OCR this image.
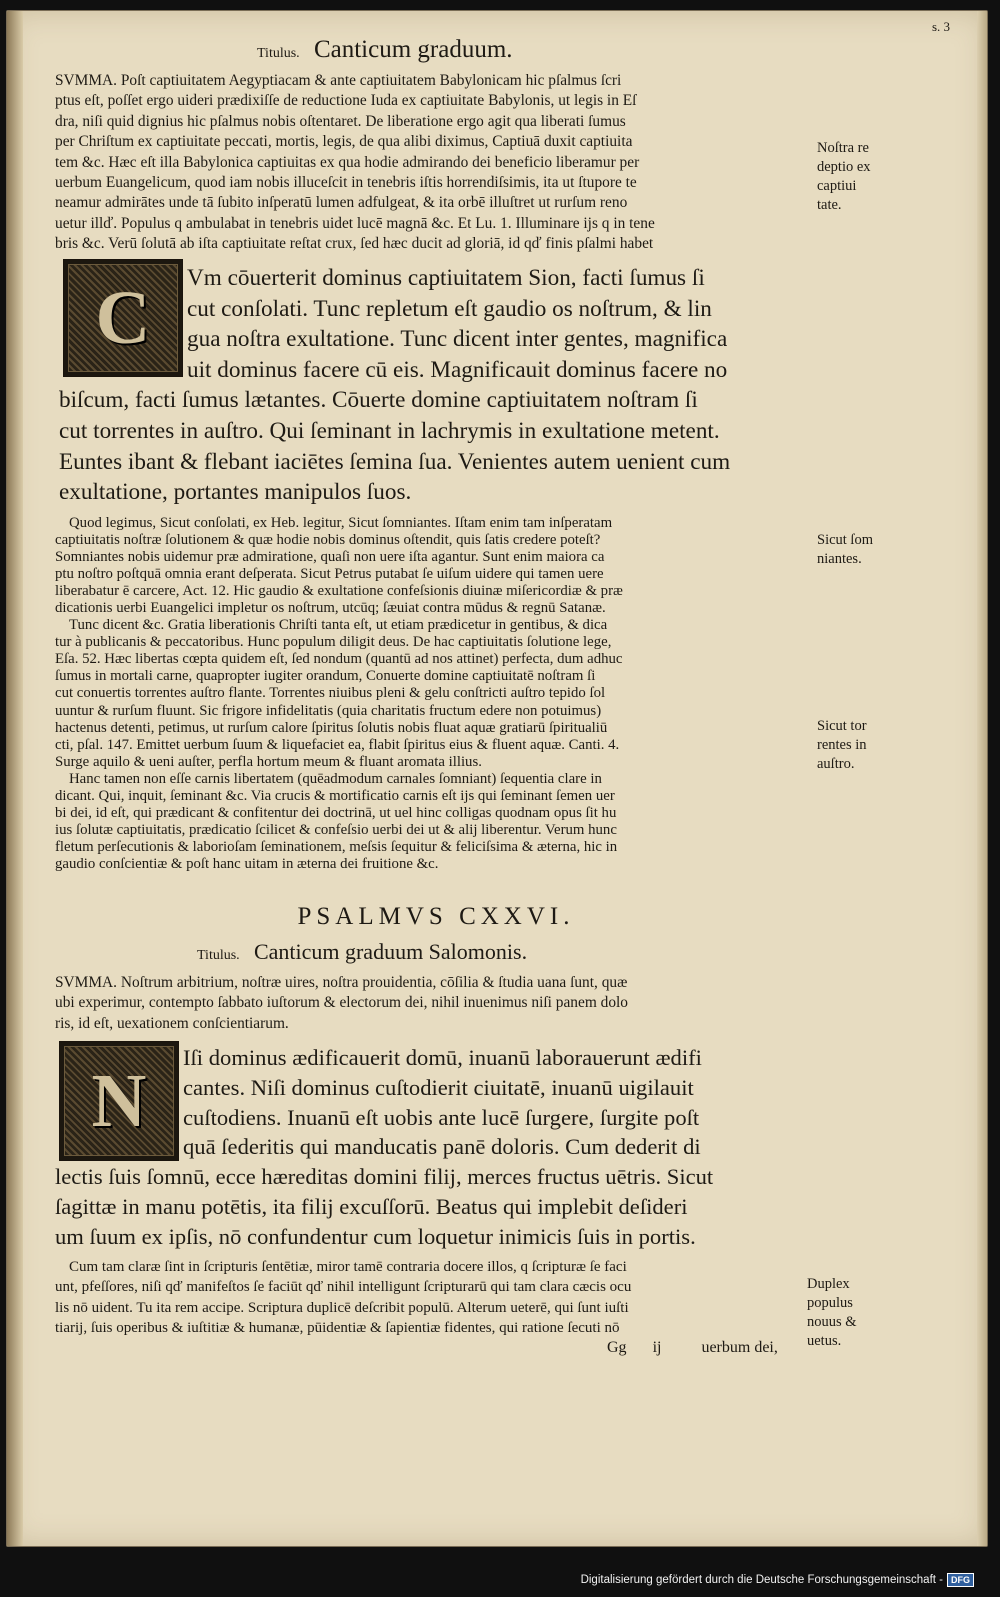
Titulus. Canticum graduum.
s. 3
SVMMA. Poſt captiuitatem Aegyptiacam & ante captiuitatem Babylonicam hic pſalmus ſcri
ptus eſt, poſſet ergo uideri prædixiſſe de reductione Iuda ex captiuitate Babylonis, ut legis in Eſ
dra, niſi quid dignius hic pſalmus nobis oſtentaret. De liberatione ergo agit qua liberati ſumus
per Chriſtum ex captiuitate peccati, mortis, legis, de qua alibi diximus, Captiuā duxit captiuita
tem &c. Hæc eſt illa Babylonica captiuitas ex qua hodie admirando dei beneficio liberamur per
uerbum Euangelicum, quod iam nobis illuceſcit in tenebris iſtis horrendiſsimis, ita ut ſtupore te
neamur admirātes unde tā ſubito inſperatū lumen adfulgeat, & ita orbē illuſtret ut rurſum reno
uetur illď. Populus q ambulabat in tenebris uidet lucē magnā &c. Et Lu. 1. Illuminare ijs q in tene
bris &c. Verū ſolutā ab iſta captiuitate reſtat crux, ſed hæc ducit ad gloriā, id qď finis pſalmi habet
Noſtra re
deptio ex
captiui
tate.
C Vm cōuerterit dominus captiuitatem Sion, facti ſumus ſi
cut conſolati. Tunc repletum eſt gaudio os noſtrum, & lin
gua noſtra exultatione. Tunc dicent inter gentes, magnifica
uit dominus facere cū eis. Magnificauit dominus facere no
biſcum, facti ſumus lætantes. Cōuerte domine captiuitatem noſtram ſi
cut torrentes in auſtro. Qui ſeminant in lachrymis in exultatione metent.
Euntes ibant & flebant iaciētes ſemina ſua. Venientes autem uenient cum
exultatione, portantes manipulos ſuos.
Quod legimus, Sicut conſolati, ex Heb. legitur, Sicut ſomniantes. Iſtam enim tam inſperatam
captiuitatis noſtræ ſolutionem & quæ hodie nobis dominus oſtendit, quis ſatis credere poteſt?
Somniantes nobis uidemur præ admiratione, quaſi non uere iſta agantur. Sunt enim maiora ca
ptu noſtro poſtquā omnia erant deſperata. Sicut Petrus putabat ſe uiſum uidere qui tamen uere
liberabatur ē carcere, Act. 12. Hic gaudio & exultatione confeſsionis diuinæ miſericordiæ & præ
dicationis uerbi Euangelici impletur os noſtrum, utcūq; ſæuiat contra mūdus & regnū Satanæ.
Tunc dicent &c. Gratia liberationis Chriſti tanta eſt, ut etiam prædicetur in gentibus, & dica
tur à publicanis & peccatoribus. Hunc populum diligit deus. De hac captiuitatis ſolutione lege,
Eſa. 52. Hæc libertas cœpta quidem eſt, ſed nondum (quantū ad nos attinet) perfecta, dum adhuc
ſumus in mortali carne, quapropter iugiter orandum, Conuerte domine captiuitatē noſtram ſi
cut conuertis torrentes auſtro flante. Torrentes niuibus pleni & gelu conſtricti auſtro tepido ſol
uuntur & rurſum fluunt. Sic frigore infidelitatis (quia charitatis fructum edere non potuimus)
hactenus detenti, petimus, ut rurſum calore ſpiritus ſolutis nobis fluat aquæ gratiarū ſpiritualiū
cti, pſal. 147. Emittet uerbum ſuum & liquefaciet ea, flabit ſpiritus eius & fluent aquæ. Canti. 4.
Surge aquilo & ueni auſter, perfla hortum meum & fluant aromata illius.
Hanc tamen non eſſe carnis libertatem (quēadmodum carnales ſomniant) ſequentia clare in
dicant. Qui, inquit, ſeminant &c. Via crucis & mortificatio carnis eſt ijs qui ſeminant ſemen uer
bi dei, id eſt, qui prædicant & confitentur dei doctrinā, ut uel hinc colligas quodnam opus ſit hu
ius ſolutæ captiuitatis, prædicatio ſcilicet & confeſsio uerbi dei ut & alij liberentur. Verum hunc
fletum perſecutionis & laborioſam ſeminationem, meſsis ſequitur & feliciſsima & æterna, hic in
gaudio conſcientiæ & poſt hanc uitam in æterna dei fruitione &c.
Sicut ſom
niantes.
Sicut tor
rentes in
auſtro.
PSALMVS CXXVI.
Titulus. Canticum graduum Salomonis.
SVMMA. Noſtrum arbitrium, noſtræ uires, noſtra prouidentia, cōſilia & ſtudia uana ſunt, quæ
ubi experimur, contempto ſabbato iuſtorum & electorum dei, nihil inuenimus niſi panem dolo
ris, id eſt, uexationem conſcientiarum.
N
Iſi dominus ædificauerit domū, inuanū laborauerunt ædifi
cantes. Niſi dominus cuſtodierit ciuitatē, inuanū uigilauit
cuſtodiens. Inuanū eſt uobis ante lucē ſurgere, ſurgite poſt
quā ſederitis qui manducatis panē doloris. Cum dederit di
lectis ſuis ſomnū, ecce hæreditas domini filij, merces fructus uētris. Sicut
ſagittæ in manu potētis, ita filij excuſſorū. Beatus qui implebit deſideri
um ſuum ex ipſis, nō confundentur cum loquetur inimicis ſuis in portis.
Cum tam claræ ſint in ſcripturis ſentētiæ, miror tamē contraria docere illos, q ſcripturæ ſe faci
unt, pfeſſores, niſi qď manifeſtos ſe faciūt qď nihil intelligunt ſcripturarū qui tam clara cæcis ocu
lis nō uident. Tu ita rem accipe. Scriptura duplicē deſcribit populū. Alterum ueterē, qui ſunt iuſti
tiarij, ſuis operibus & iuſtitiæ & humanæ, pūidentiæ & ſapientiæ fidentes, qui ratione ſecuti nō
Duplex
populus
nouus &
uetus.
Gg ij	uerbum dei,
Digitalisierung gefördert durch die Deutsche Forschungsgemeinschaft - DFG
